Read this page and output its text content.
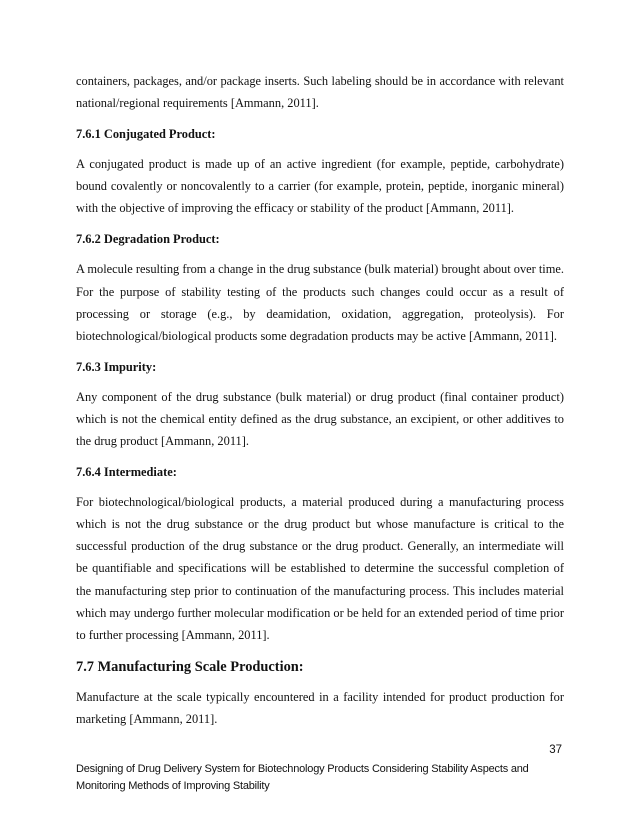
containers, packages, and/or package inserts. Such labeling should be in accordance with relevant national/regional requirements [Ammann, 2011].

7.6.1 Conjugated Product:

A conjugated product is made up of an active ingredient (for example, peptide, carbohydrate) bound covalently or noncovalently to a carrier (for example, protein, peptide, inorganic mineral) with the objective of improving the efficacy or stability of the product [Ammann, 2011].

7.6.2 Degradation Product:

A molecule resulting from a change in the drug substance (bulk material) brought about over time. For the purpose of stability testing of the products such changes could occur as a result of processing or storage (e.g., by deamidation, oxidation, aggregation, proteolysis). For biotechnological/biological products some degradation products may be active [Ammann, 2011].

7.6.3 Impurity:

Any component of the drug substance (bulk material) or drug product (final container product) which is not the chemical entity defined as the drug substance, an excipient, or other additives to the drug product [Ammann, 2011].

7.6.4 Intermediate:

For biotechnological/biological products, a material produced during a manufacturing process which is not the drug substance or the drug product but whose manufacture is critical to the successful production of the drug substance or the drug product. Generally, an intermediate will be quantifiable and specifications will be established to determine the successful completion of the manufacturing step prior to continuation of the manufacturing process. This includes material which may undergo further molecular modification or be held for an extended period of time prior to further processing [Ammann, 2011].

7.7 Manufacturing Scale Production:

Manufacture at the scale typically encountered in a facility intended for product production for marketing [Ammann, 2011].

37
Designing of Drug Delivery System for Biotechnology Products Considering Stability Aspects and
Monitoring Methods of Improving Stability
